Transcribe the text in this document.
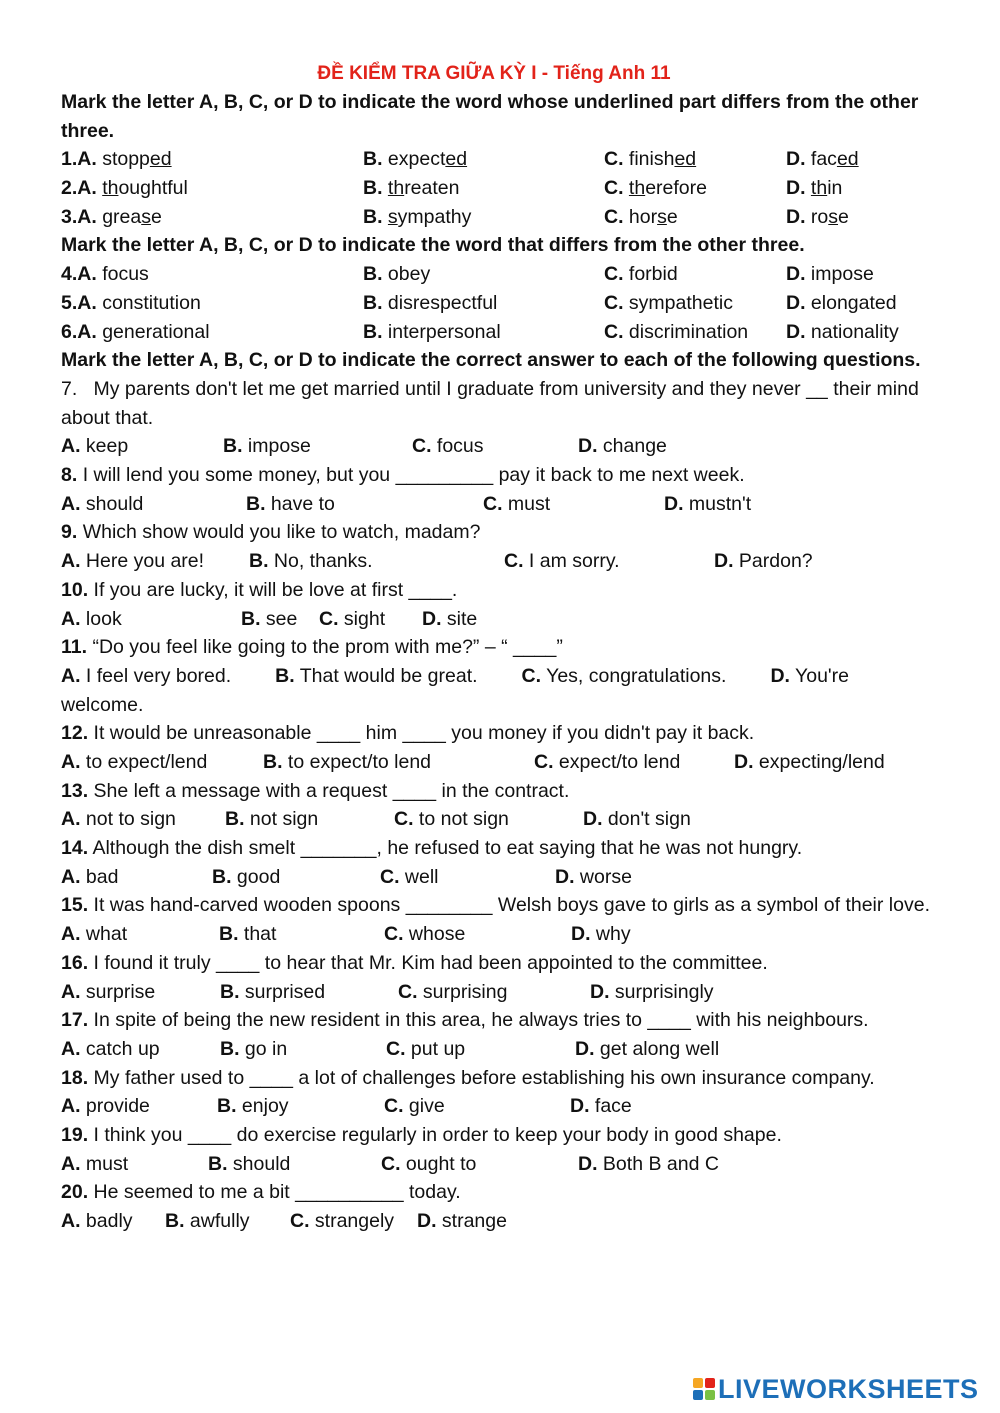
ĐỀ KIỂM TRA GIỮA KỲ I - Tiếng Anh 11
Mark the letter A, B, C, or D to indicate the word whose underlined part differs from the other three.
1.A. stopped	B. expected	C. finished	D. faced
2.A. thoughtful	B. threaten	C. therefore	D. thin
3.A. grease	B. sympathy	C. horse	D. rose
Mark the letter A, B, C, or D to indicate the word that differs from the other three.
4.A. focus	B. obey	C. forbid	D. impose
5.A. constitution	B. disrespectful	C. sympathetic	D. elongated
6.A. generational	B. interpersonal	C. discrimination D. nationality
Mark the letter A, B, C, or D to indicate the correct answer to each of the following questions.
7.   My parents don't let me get married until I graduate from university and they never __ their mind about that.
A. keep	B. impose	C. focus	D. change
8. I will lend you some money, but you _________ pay it back to me next week.
A. should	B. have to	C. must	D. mustn't
9. Which show would you like to watch, madam?
A. Here you are! B. No, thanks.	C. I am sorry.	D. Pardon?
10. If you are lucky, it will be love at first ____.
A. look	B. see C. sight D. site
11. “Do you feel like going to the prom with me?” – “ ____”
A. I feel very bored. B. That would be great. C. Yes, congratulations. D. You're welcome.
12. It would be unreasonable ____ him ____ you money if you didn't pay it back.
A. to expect/lend	B. to expect/to lend	C. expect/to lend	D. expecting/lend
13. She left a message with a request ____ in the contract.
A. not to sign	B. not sign	C. to not sign	D. don't sign
14. Although the dish smelt _______, he refused to eat saying that he was not hungry.
A. bad	B. good	C. well	D. worse
15. It was hand-carved wooden spoons ________ Welsh boys gave to girls as a symbol of their love.
A. what	B. that	C. whose	D. why
16. I found it truly ____ to hear that Mr. Kim had been appointed to the committee.
A. surprise	B. surprised	C. surprising	D. surprisingly
17. In spite of being the new resident in this area, he always tries to ____ with his neighbours.
A. catch up	B. go in	C. put up	D. get along well
18. My father used to ____ a lot of challenges before establishing his own insurance company.
A. provide	B. enjoy	C. give	D. face
19. I think you ____ do exercise regularly in order to keep your body in good shape.
A. must	B. should	C. ought to	D. Both B and C
20. He seemed to me a bit __________ today.
A. badly B. awfully C. strangely D. strange
LIVEWORKSHEETS
